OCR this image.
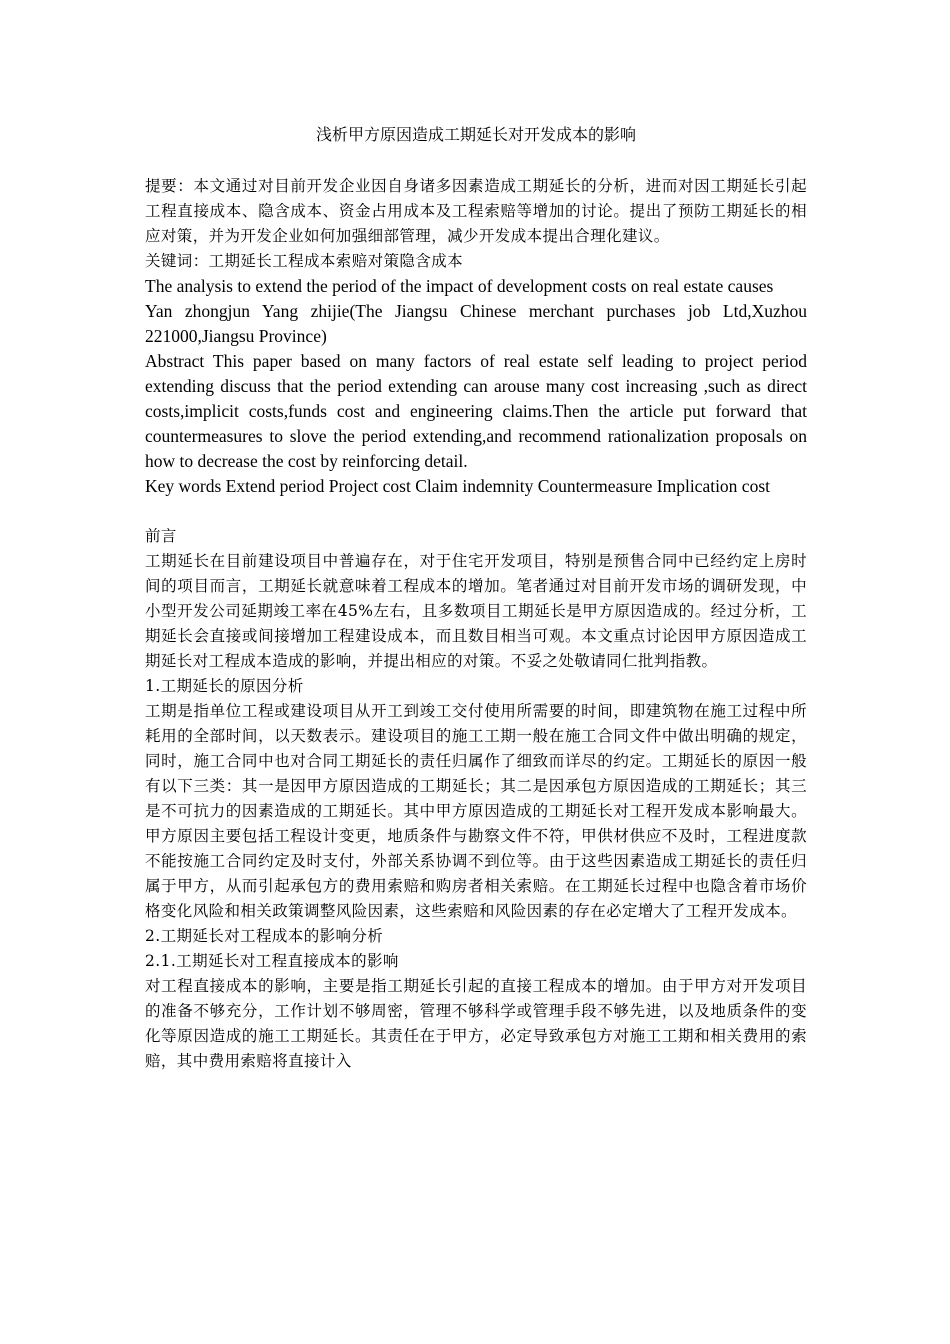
浅析甲方原因造成工期延长对开发成本的影响

提要：本文通过对目前开发企业因自身诸多因素造成工期延长的分析，进而对因工期延长引起工程直接成本、隐含成本、资金占用成本及工程索赔等增加的讨论。提出了预防工期延长的相应对策，并为开发企业如何加强细部管理，减少开发成本提出合理化建议。

关键词：工期延长工程成本索赔对策隐含成本

The analysis to extend the period of the impact of development costs on real estate causes

Yan zhongjun Yang zhijie(The Jiangsu Chinese merchant purchases job Ltd,Xuzhou 221000,Jiangsu Province)

Abstract This paper based on many factors of real estate self leading to project period extending discuss that the period extending can arouse many cost increasing ,such as direct costs,implicit costs,funds cost and engineering claims.Then the article put forward that countermeasures to slove the period extending,and recommend rationalization proposals on how to decrease the cost by reinforcing detail.

Key words Extend period Project cost Claim indemnity Countermeasure Implication cost

前言

工期延长在目前建设项目中普遍存在，对于住宅开发项目，特别是预售合同中已经约定上房时间的项目而言，工期延长就意味着工程成本的增加。笔者通过对目前开发市场的调研发现，中小型开发公司延期竣工率在45%左右，且多数项目工期延长是甲方原因造成的。经过分析，工期延长会直接或间接增加工程建设成本，而且数目相当可观。本文重点讨论因甲方原因造成工期延长对工程成本造成的影响，并提出相应的对策。不妥之处敬请同仁批判指教。

1.工期延长的原因分析

工期是指单位工程或建设项目从开工到竣工交付使用所需要的时间，即建筑物在施工过程中所耗用的全部时间，以天数表示。建设项目的施工工期一般在施工合同文件中做出明确的规定，同时，施工合同中也对合同工期延长的责任归属作了细致而详尽的约定。工期延长的原因一般有以下三类：其一是因甲方原因造成的工期延长；其二是因承包方原因造成的工期延长；其三是不可抗力的因素造成的工期延长。其中甲方原因造成的工期延长对工程开发成本影响最大。甲方原因主要包括工程设计变更，地质条件与勘察文件不符，甲供材供应不及时，工程进度款不能按施工合同约定及时支付，外部关系协调不到位等。由于这些因素造成工期延长的责任归属于甲方，从而引起承包方的费用索赔和购房者相关索赔。在工期延长过程中也隐含着市场价格变化风险和相关政策调整风险因素，这些索赔和风险因素的存在必定增大了工程开发成本。

2.工期延长对工程成本的影响分析

2.1.工期延长对工程直接成本的影响

对工程直接成本的影响，主要是指工期延长引起的直接工程成本的增加。由于甲方对开发项目的准备不够充分，工作计划不够周密，管理不够科学或管理手段不够先进，以及地质条件的变化等原因造成的施工工期延长。其责任在于甲方，必定导致承包方对施工工期和相关费用的索赔，其中费用索赔将直接计入
